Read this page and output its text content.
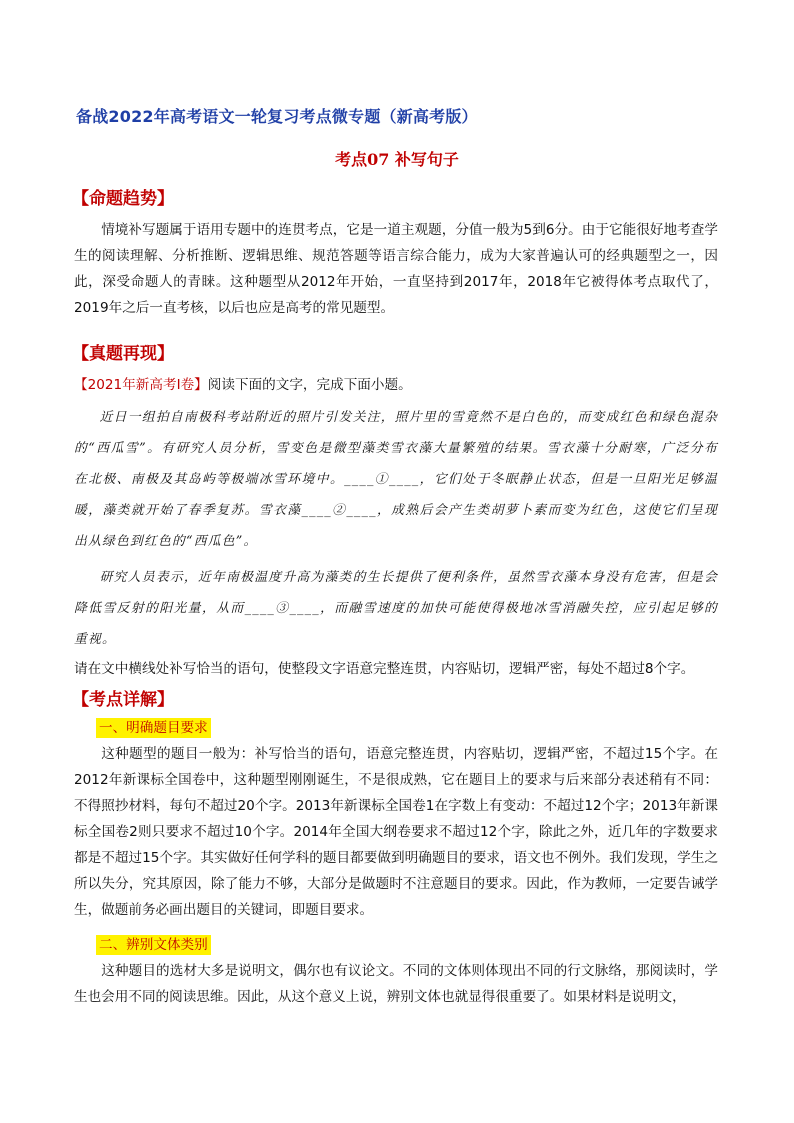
备战2022年高考语文一轮复习考点微专题（新高考版）
考点07 补写句子
【命题趋势】
情境补写题属于语用专题中的连贯考点，它是一道主观题，分值一般为5到6分。由于它能很好地考查学生的阅读理解、分析推断、逻辑思维、规范答题等语言综合能力，成为大家普遍认可的经典题型之一，因此，深受命题人的青睐。这种题型从2012年开始，一直坚持到2017年，2018年它被得体考点取代了，2019年之后一直考核，以后也应是高考的常见题型。
【真题再现】
【2021年新高考Ⅰ卷】阅读下面的文字，完成下面小题。
近日一组拍自南极科考站附近的照片引发关注，照片里的雪竟然不是白色的，而变成红色和绿色混杂的“西瓜雪”。有研究人员分析，雪变色是微型藻类雪衣藻大量繁殖的结果。雪衣藻十分耐寒，广泛分布在北极、南极及其岛屿等极端冰雪环境中。____①____，它们处于冬眠静止状态，但是一旦阳光足够温暖，藻类就开始了春季复苏。雪衣藻____②____，成熟后会产生类胡萝卜素而变为红色，这使它们呈现出从绿色到红色的“西瓜色”。
研究人员表示，近年南极温度升高为藻类的生长提供了便利条件，虽然雪衣藻本身没有危害，但是会降低雪反射的阳光量，从而____③____，而融雪速度的加快可能使得极地冰雪消融失控，应引起足够的重视。
请在文中横线处补写恰当的语句，使整段文字语意完整连贯，内容贴切，逻辑严密，每处不超过8个字。
【考点详解】
一、明确题目要求
这种题型的题目一般为：补写恰当的语句，语意完整连贯，内容贴切，逻辑严密，不超过15个字。在2012年新课标全国卷中，这种题型刚刚诞生，不是很成熟，它在题目上的要求与后来部分表述稍有不同：不得照抄材料，每句不超过20个字。2013年新课标全国卷1在字数上有变动：不超过12个字；2013年新课标全国卷2则只要求不超过10个字。2014年全国大纲卷要求不超过12个字，除此之外，近几年的字数要求都是不超过15个字。其实做好任何学科的题目都要做到明确题目的要求，语文也不例外。我们发现，学生之所以失分，究其原因，除了能力不够，大部分是做题时不注意题目的要求。因此，作为教师，一定要告诫学生，做题前务必画出题目的关键词，即题目要求。
二、辨别文体类别
这种题目的选材大多是说明文，偶尔也有议论文。不同的文体则体现出不同的行文脉络，那阅读时，学生也会用不同的阅读思维。因此，从这个意义上说，辨别文体也就显得很重要了。如果材料是说明文，
